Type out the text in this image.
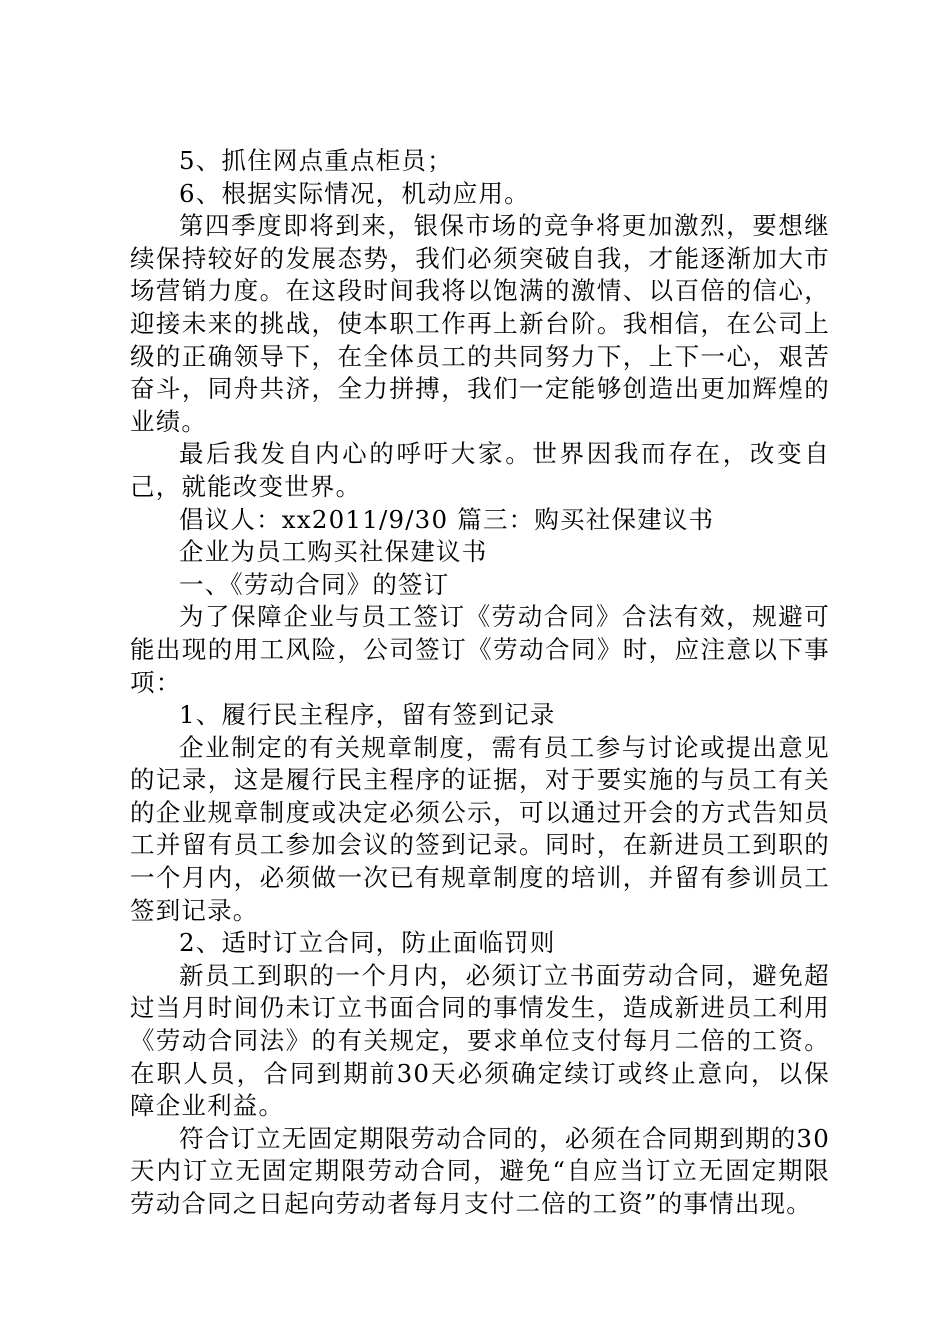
5、抓住网点重点柜员；

6、根据实际情况，机动应用。

第四季度即将到来，银保市场的竞争将更加激烈，要想继续保持较好的发展态势，我们必须突破自我，才能逐渐加大市场营销力度。在这段时间我将以饱满的激情、以百倍的信心，迎接未来的挑战，使本职工作再上新台阶。我相信，在公司上级的正确领导下，在全体员工的共同努力下，上下一心，艰苦奋斗，同舟共济，全力拼搏，我们一定能够创造出更加辉煌的业绩。

最后我发自内心的呼吁大家。世界因我而存在，改变自己，就能改变世界。

倡议人：xx2011/9/30 篇三：购买社保建议书

企业为员工购买社保建议书

一、《劳动合同》的签订

为了保障企业与员工签订《劳动合同》合法有效，规避可能出现的用工风险，公司签订《劳动合同》时，应注意以下事项：

1、履行民主程序，留有签到记录

企业制定的有关规章制度，需有员工参与讨论或提出意见的记录，这是履行民主程序的证据，对于要实施的与员工有关的企业规章制度或决定必须公示，可以通过开会的方式告知员工并留有员工参加会议的签到记录。同时，在新进员工到职的一个月内，必须做一次已有规章制度的培训，并留有参训员工签到记录。

2、适时订立合同，防止面临罚则

新员工到职的一个月内，必须订立书面劳动合同，避免超过当月时间仍未订立书面合同的事情发生，造成新进员工利用《劳动合同法》的有关规定，要求单位支付每月二倍的工资。在职人员，合同到期前30天必须确定续订或终止意向，以保障企业利益。

符合订立无固定期限劳动合同的，必须在合同期到期的30天内订立无固定期限劳动合同，避免“自应当订立无固定期限劳动合同之日起向劳动者每月支付二倍的工资”的事情出现。
